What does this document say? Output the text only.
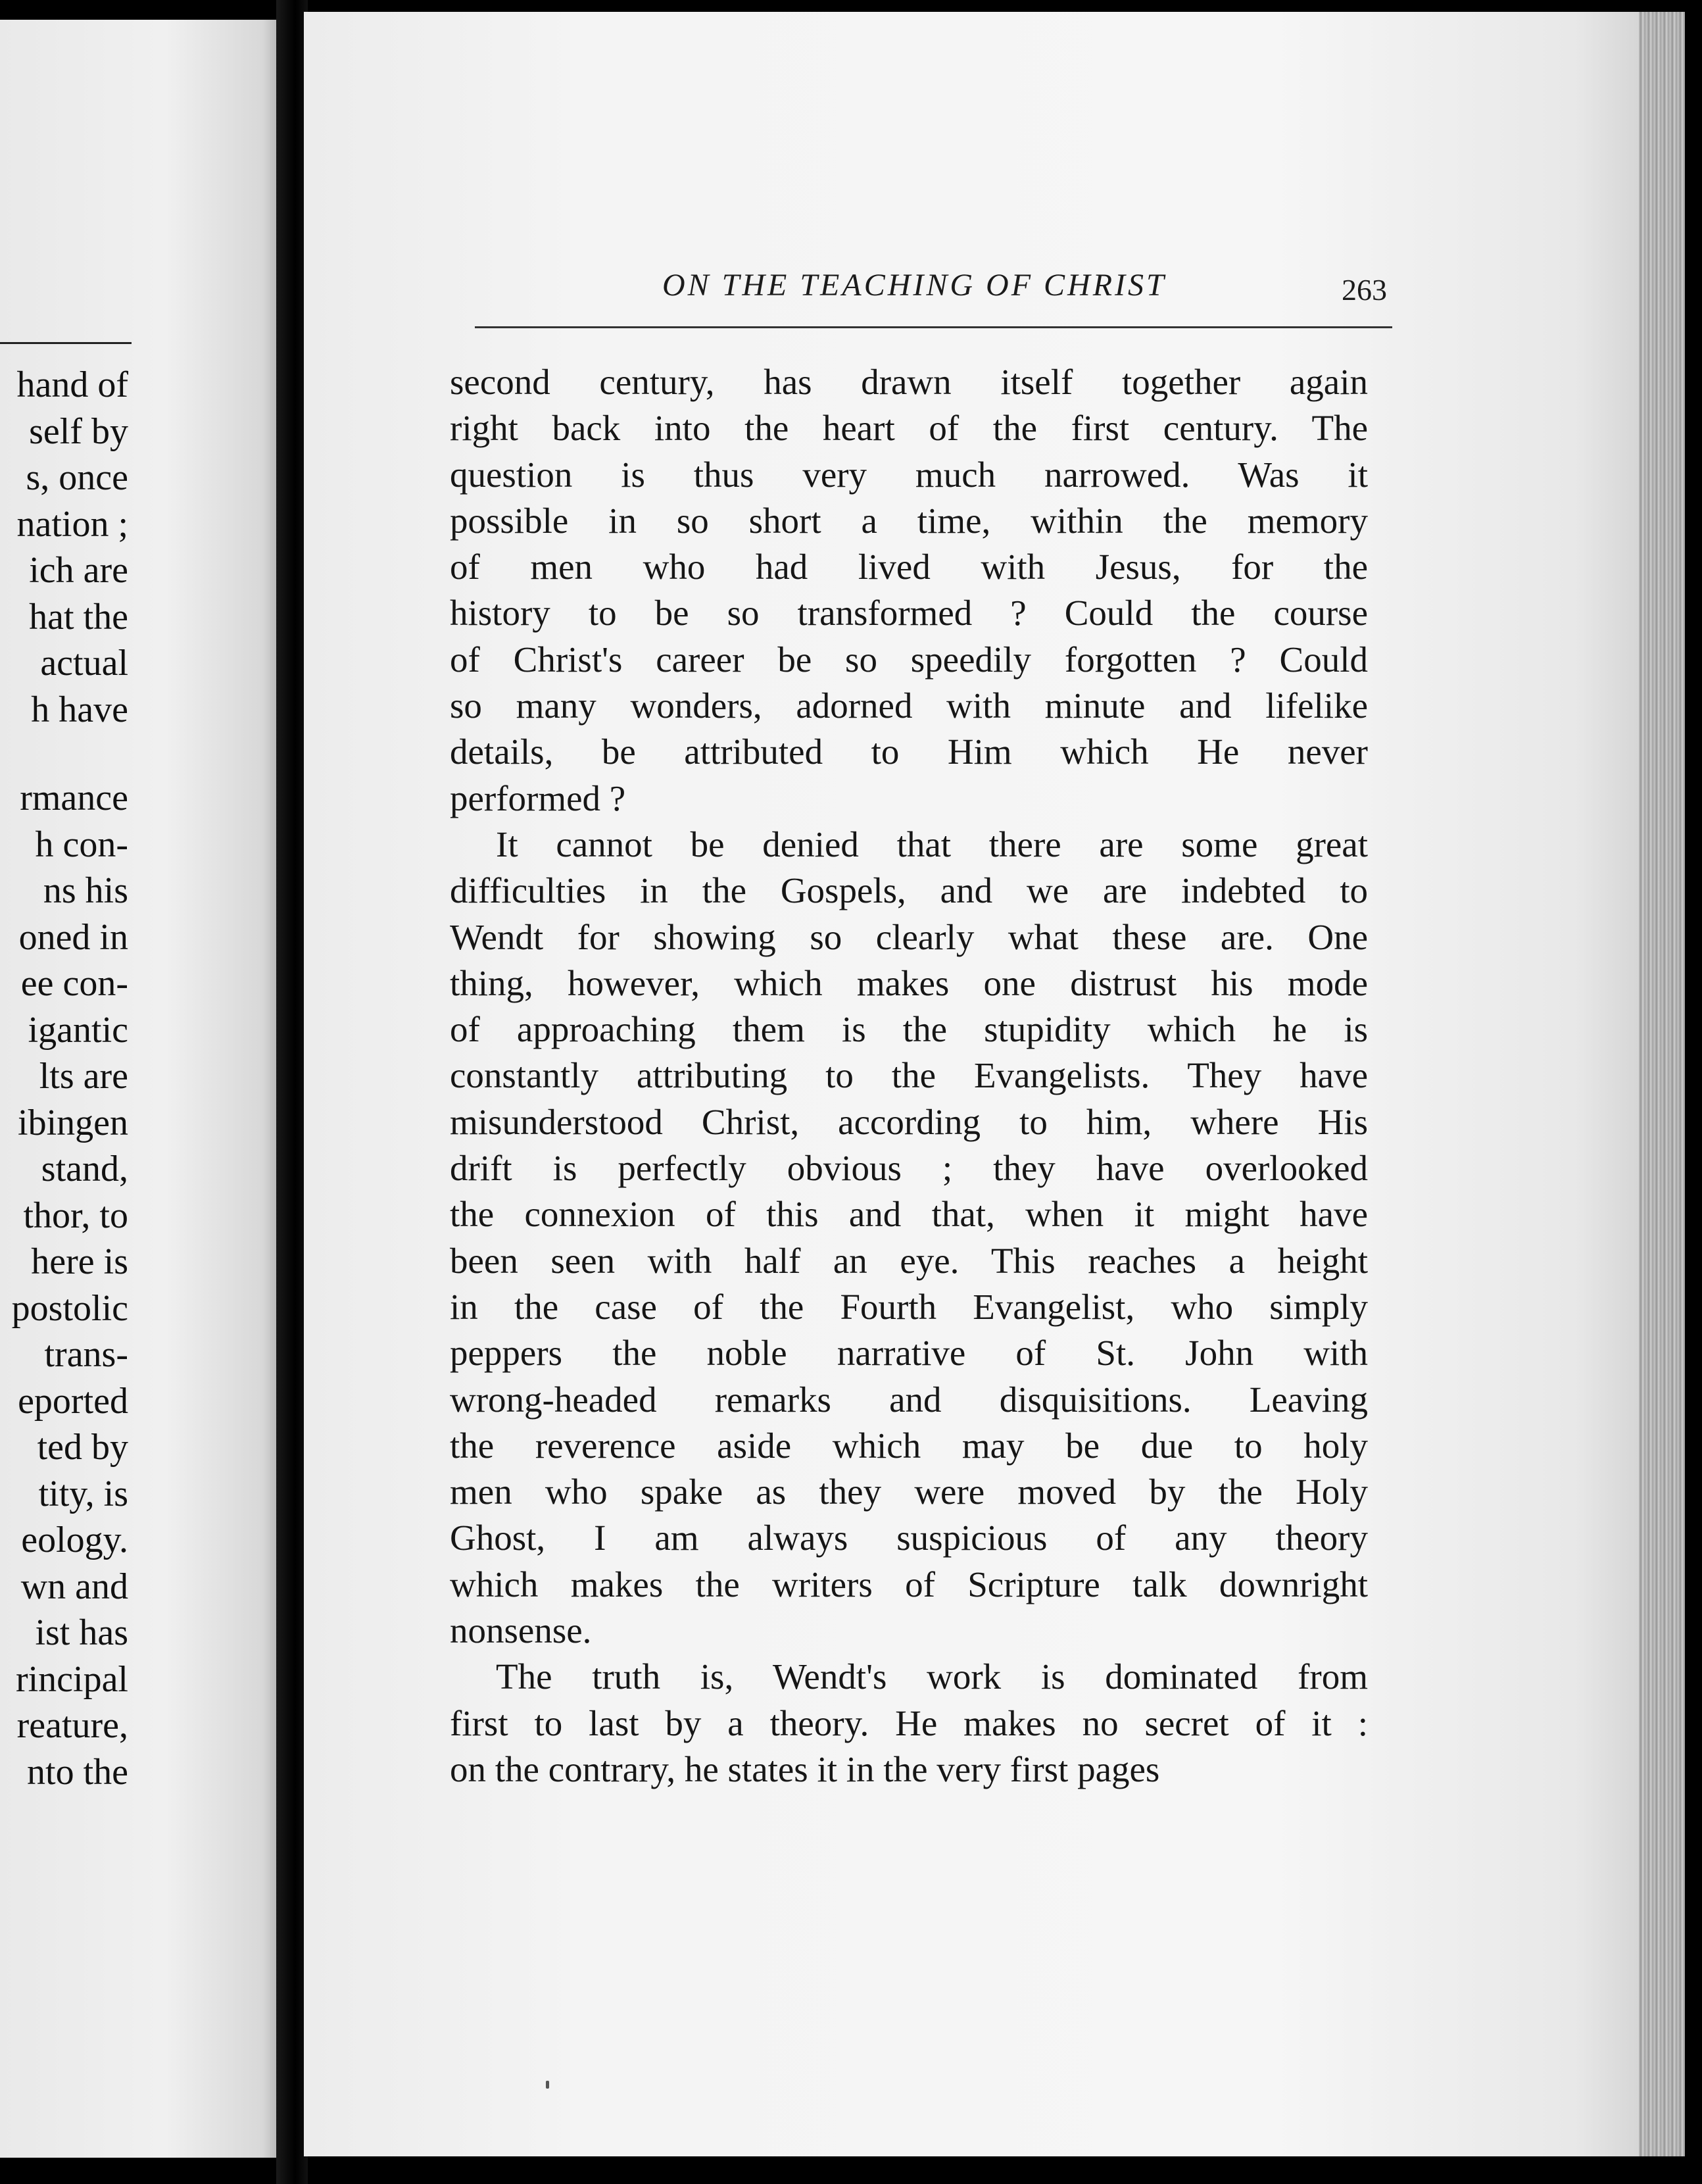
hand of
self by
s, once
nation ;
ich are
hat the
actual
h have
rmance
h con-
ns his
oned in
ee con-
igantic
lts are
ibingen
stand,
thor, to
here is
postolic
trans-
eported
ted by
tity, is
eology.
wn and
ist has
rincipal
reature,
nto the
ON THE TEACHING OF CHRIST	263
second century, has drawn itself together again
right back into the heart of the first century. The
question is thus very much narrowed. Was it
possible in so short a time, within the memory
of men who had lived with Jesus, for the
history to be so transformed ? Could the course
of Christ's career be so speedily forgotten ? Could
so many wonders, adorned with minute and lifelike
details, be attributed to Him which He never
performed ?
It cannot be denied that there are some great
difficulties in the Gospels, and we are indebted to
Wendt for showing so clearly what these are. One
thing, however, which makes one distrust his mode
of approaching them is the stupidity which he is
constantly attributing to the Evangelists. They have
misunderstood Christ, according to him, where His
drift is perfectly obvious ; they have overlooked
the connexion of this and that, when it might have
been seen with half an eye. This reaches a height
in the case of the Fourth Evangelist, who simply
peppers the noble narrative of St. John with
wrong-headed remarks and disquisitions. Leaving
the reverence aside which may be due to holy
men who spake as they were moved by the Holy
Ghost, I am always suspicious of any theory
which makes the writers of Scripture talk downright
nonsense.
The truth is, Wendt's work is dominated from
first to last by a theory. He makes no secret of it :
on the contrary, he states it in the very first pages
